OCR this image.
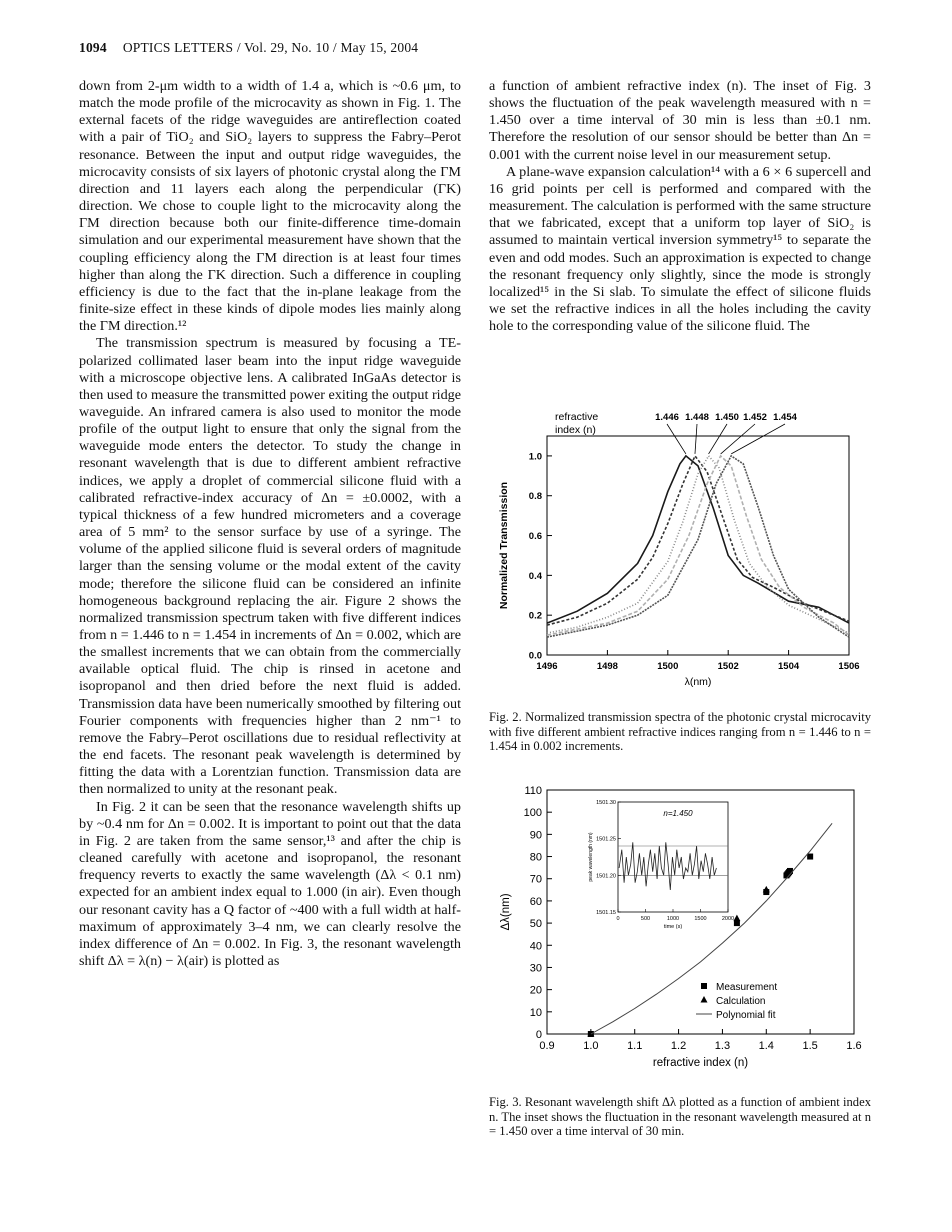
1094 OPTICS LETTERS / Vol. 29, No. 10 / May 15, 2004

down from 2-μm width to a width of 1.4 a, which is ~0.6 μm, to match the mode profile of the microcavity as shown in Fig. 1. The external facets of the ridge waveguides are antireflection coated with a pair of TiO₂ and SiO₂ layers to suppress the Fabry–Perot resonance. Between the input and output ridge waveguides, the microcavity consists of six layers of photonic crystal along the ΓM direction and 11 layers each along the perpendicular (ΓK) direction. We chose to couple light to the microcavity along the ΓM direction because both our finite-difference time-domain simulation and our experimental measurement have shown that the coupling efficiency along the ΓM direction is at least four times higher than along the ΓK direction. Such a difference in coupling efficiency is due to the fact that the in-plane leakage from the finite-size effect in these kinds of dipole modes lies mainly along the ΓM direction.¹²

The transmission spectrum is measured by focusing a TE-polarized collimated laser beam into the input ridge waveguide with a microscope objective lens. A calibrated InGaAs detector is then used to measure the transmitted power exiting the output ridge waveguide. An infrared camera is also used to monitor the mode profile of the output light to ensure that only the signal from the waveguide mode enters the detector. To study the change in resonant wavelength that is due to different ambient refractive indices, we apply a droplet of commercial silicone fluid with a calibrated refractive-index accuracy of Δn = ±0.0002, with a typical thickness of a few hundred micrometers and a coverage area of 5 mm² to the sensor surface by use of a syringe. The volume of the applied silicone fluid is several orders of magnitude larger than the sensing volume or the modal extent of the cavity mode; therefore the silicone fluid can be considered an infinite homogeneous background replacing the air. Figure 2 shows the normalized transmission spectrum taken with five different indices from n = 1.446 to n = 1.454 in increments of Δn = 0.002, which are the smallest increments that we can obtain from the commercially available optical fluid. The chip is rinsed in acetone and isopropanol and then dried before the next fluid is added. Transmission data have been numerically smoothed by filtering out Fourier components with frequencies higher than 2 nm⁻¹ to remove the Fabry–Perot oscillations due to residual reflectivity at the end facets. The resonant peak wavelength is determined by fitting the data with a Lorentzian function. Transmission data are then normalized to unity at the resonant peak.

In Fig. 2 it can be seen that the resonance wavelength shifts up by ~0.4 nm for Δn = 0.002. It is important to point out that the data in Fig. 2 are taken from the same sensor,¹³ and after the chip is cleaned carefully with acetone and isopropanol, the resonant frequency reverts to exactly the same wavelength (Δλ < 0.1 nm) expected for an ambient index equal to 1.000 (in air). Even though our resonant cavity has a Q factor of ~400 with a full width at half-maximum of approximately 3–4 nm, we can clearly resolve the index difference of Δn = 0.002. In Fig. 3, the resonant wavelength shift Δλ = λ(n) − λ(air) is plotted as

a function of ambient refractive index (n). The inset of Fig. 3 shows the fluctuation of the peak wavelength measured with n = 1.450 over a time interval of 30 min is less than ±0.1 nm. Therefore the resolution of our sensor should be better than Δn = 0.001 with the current noise level in our measurement setup.

A plane-wave expansion calculation¹⁴ with a 6 × 6 supercell and 16 grid points per cell is performed and compared with the measurement. The calculation is performed with the same structure that we fabricated, except that a uniform top layer of SiO₂ is assumed to maintain vertical inversion symmetry¹⁵ to separate the even and odd modes. Such an approximation is expected to change the resonant frequency only slightly, since the mode is strongly localized¹⁵ in the Si slab. To simulate the effect of silicone fluids we set the refractive indices in all the holes including the cavity hole to the corresponding value of the silicone fluid. The

1496	1498	1500	1502	1504	1506
0.0
0.2
0.4
0.6
0.8
1.0
λ(nm)
Normalized Transmission
refractive
index (n)
1.446 1.448 1.450 1.452 1.454
Fig. 2. Normalized transmission spectra of the photonic crystal microcavity with five different ambient refractive indices ranging from n = 1.446 to n = 1.454 in 0.002 increments.
0.9	1.0	1.1	1.2	1.3	1.4	1.5	1.6
0
10
20
30
40
50
60
70
80
90
100
110
refractive index (n)
Δλ(nm)
Measurement
Calculation
Polynomial fit
0	500	1000	1500	2000
1501.15
1501.20
1501.25
1501.30
time (s)
peak wavelength (nm)
n=1.450
Fig. 3. Resonant wavelength shift Δλ plotted as a function of ambient index n. The inset shows the fluctuation in the resonant wavelength measured at n = 1.450 over a time interval of 30 min.
